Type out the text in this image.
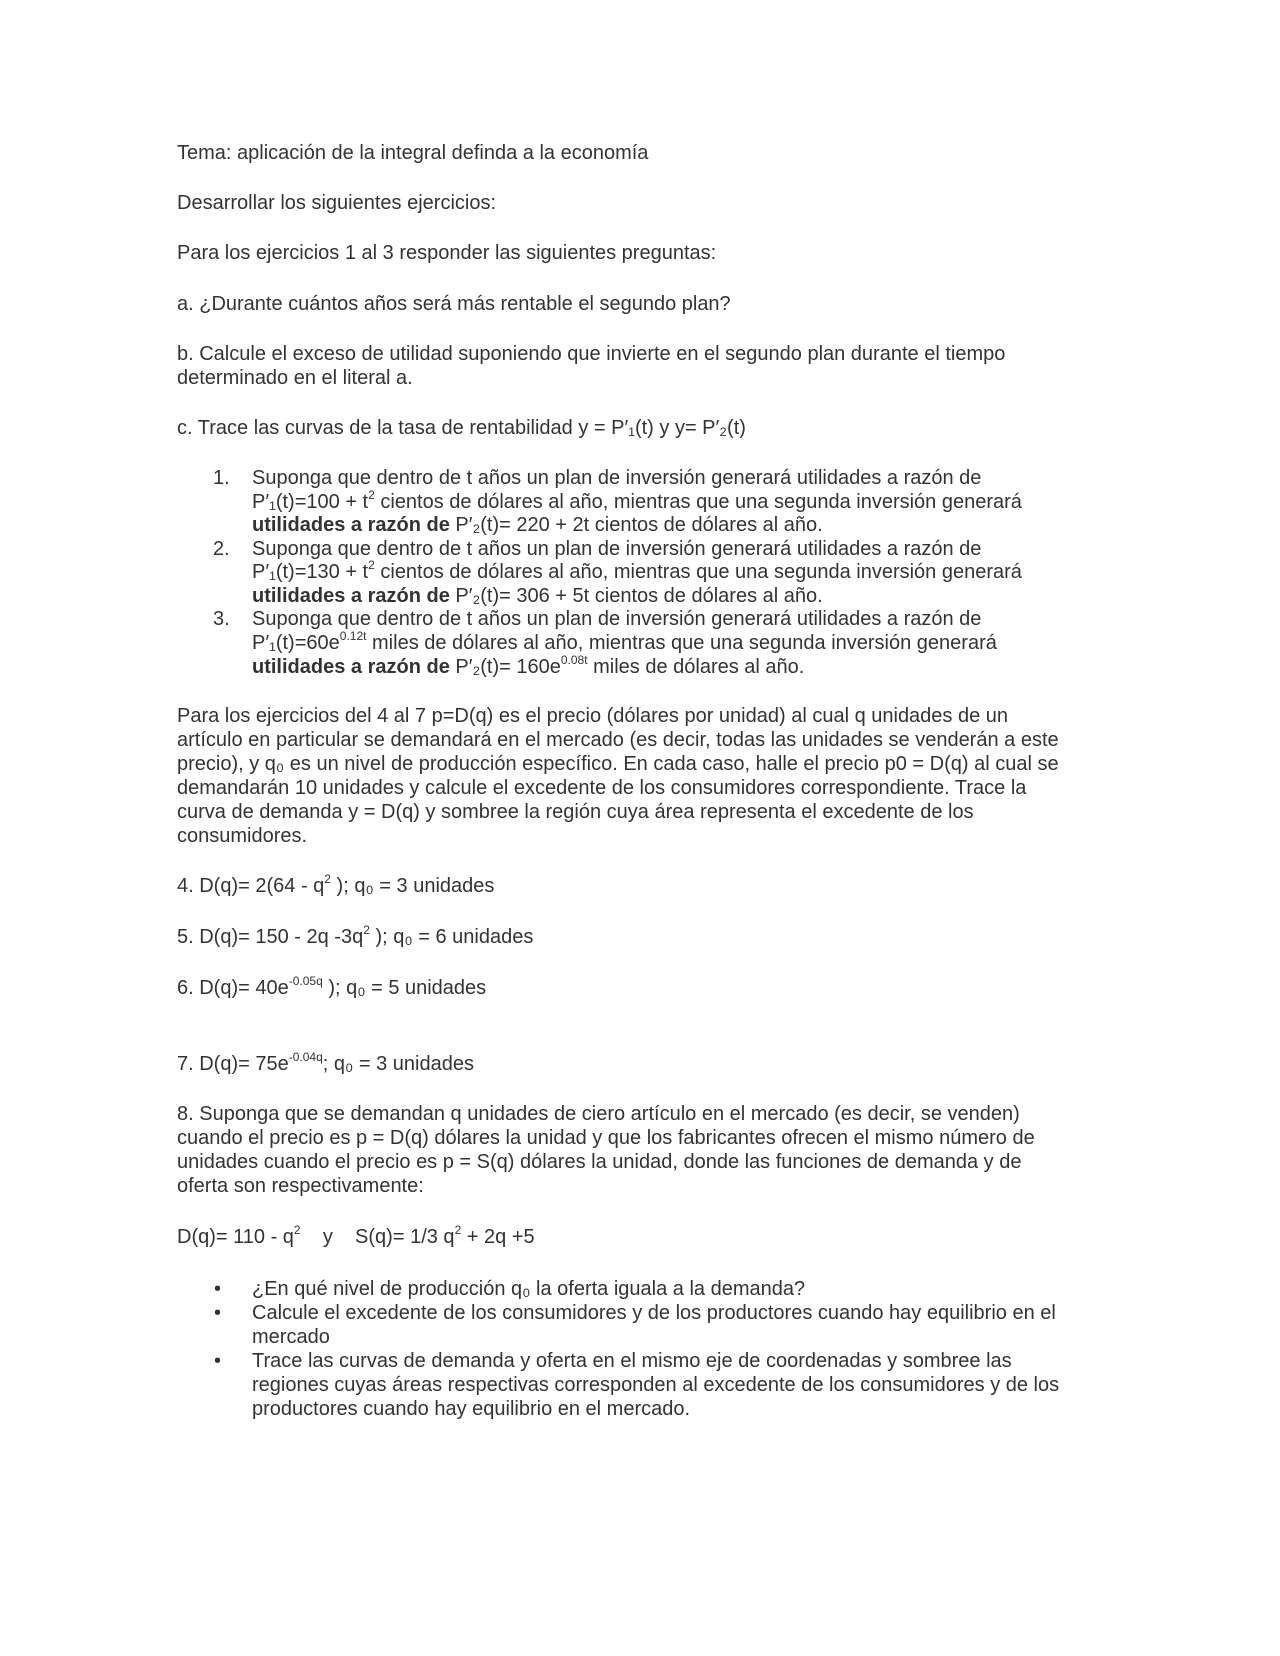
Tema: aplicación de la integral definda a la economía
Desarrollar los siguientes ejercicios:
Para los ejercicios 1 al 3 responder las siguientes preguntas:
a. ¿Durante cuántos años será más rentable el segundo plan?
b. Calcule el exceso de utilidad suponiendo que invierte en el segundo plan durante el tiempo
determinado en el literal a.
c. Trace las curvas de la tasa de rentabilidad y = P′₁(t) y y= P′₂(t)
1. Suponga que dentro de t años un plan de inversión generará utilidades a razón de
$P'_1(t)=100 + t^2$ cientos de dólares al año, mientras que una segunda inversión generará
utilidades a razón de P′₂(t)= 220 + 2t cientos de dólares al año.
2. Suponga que dentro de t años un plan de inversión generará utilidades a razón de
$P'_1(t)=130 + t^2$ cientos de dólares al año, mientras que una segunda inversión generará
utilidades a razón de P′₂(t)= 306 + 5t cientos de dólares al año.
3. Suponga que dentro de t años un plan de inversión generará utilidades a razón de
$P'_1(t)=60e^{0.12t}$ miles de dólares al año, mientras que una segunda inversión generará
utilidades a razón de $P'_2(t)= 160e^{0.08t}$ miles de dólares al año.
Para los ejercicios del 4 al 7 p=D(q) es el precio (dólares por unidad) al cual q unidades de un
artículo en particular se demandará en el mercado (es decir, todas las unidades se venderán a este
precio), y q₀ es un nivel de producción específico. En cada caso, halle el precio p0 = D(q) al cual se
demandarán 10 unidades y calcule el excedente de los consumidores correspondiente. Trace la
curva de demanda y = D(q) y sombree la región cuya área representa el excedente de los
consumidores.
4. $D(q)= 2(64 - q^2$ ); q₀ = 3 unidades
5. D(q)= 150 - 2q $-3q^2$ ); q₀ = 6 unidades
6. $D(q)= 40e^{-0.05q}$ ); q₀ = 5 unidades
7. $D(q)= 75e^{-0.04q}$; q₀ = 3 unidades
8. Suponga que se demandan q unidades de ciero artículo en el mercado (es decir, se venden)
cuando el precio es p = D(q) dólares la unidad y que los fabricantes ofrecen el mismo número de
unidades cuando el precio es p = S(q) dólares la unidad, donde las funciones de demanda y de
oferta son respectivamente:
$D(q)= 110 - q^2$    y    S(q)= 1/3 $q^2 + 2q +5$
• ¿En qué nivel de producción q₀ la oferta iguala a la demanda?
• Calcule el excedente de los consumidores y de los productores cuando hay equilibrio en el
mercado
• Trace las curvas de demanda y oferta en el mismo eje de coordenadas y sombree las
regiones cuyas áreas respectivas corresponden al excedente de los consumidores y de los
productores cuando hay equilibrio en el mercado.
